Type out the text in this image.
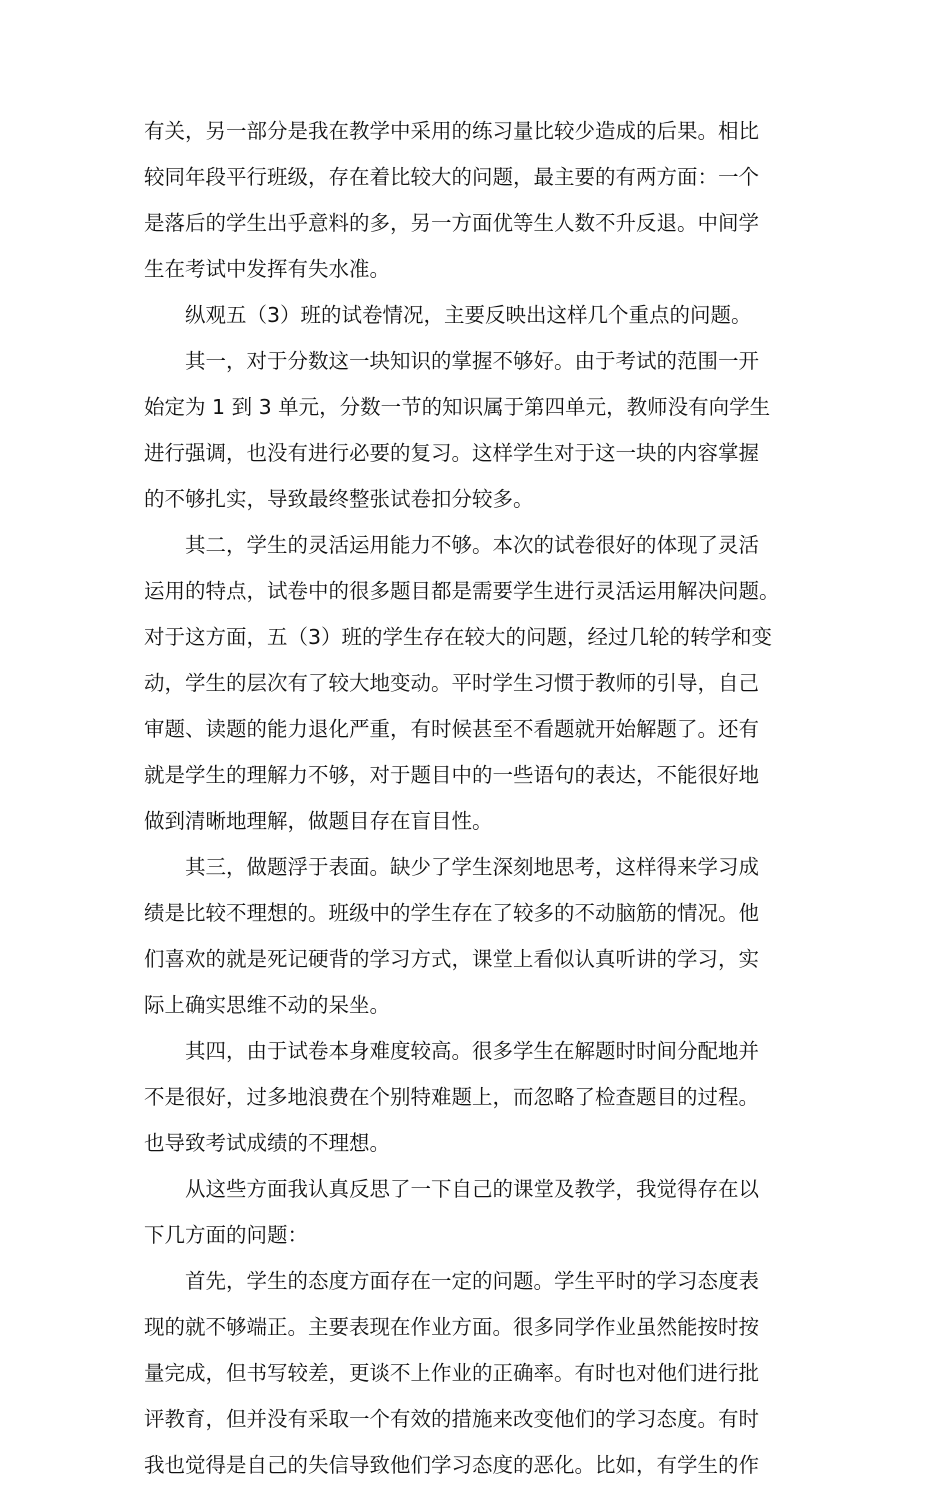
有关，另一部分是我在教学中采用的练习量比较少造成的后果。相比
较同年段平行班级，存在着比较大的问题，最主要的有两方面：一个
是落后的学生出乎意料的多，另一方面优等生人数不升反退。中间学
生在考试中发挥有失水准。
纵观五（3）班的试卷情况，主要反映出这样几个重点的问题。
其一，对于分数这一块知识的掌握不够好。由于考试的范围一开
始定为 1 到 3 单元，分数一节的知识属于第四单元，教师没有向学生
进行强调，也没有进行必要的复习。这样学生对于这一块的内容掌握
的不够扎实，导致最终整张试卷扣分较多。
其二，学生的灵活运用能力不够。本次的试卷很好的体现了灵活
运用的特点，试卷中的很多题目都是需要学生进行灵活运用解决问题。
对于这方面，五（3）班的学生存在较大的问题，经过几轮的转学和变
动，学生的层次有了较大地变动。平时学生习惯于教师的引导，自己
审题、读题的能力退化严重，有时候甚至不看题就开始解题了。还有
就是学生的理解力不够，对于题目中的一些语句的表达，不能很好地
做到清晰地理解，做题目存在盲目性。
其三，做题浮于表面。缺少了学生深刻地思考，这样得来学习成
绩是比较不理想的。班级中的学生存在了较多的不动脑筋的情况。他
们喜欢的就是死记硬背的学习方式，课堂上看似认真听讲的学习，实
际上确实思维不动的呆坐。
其四，由于试卷本身难度较高。很多学生在解题时时间分配地并
不是很好，过多地浪费在个别特难题上，而忽略了检查题目的过程。
也导致考试成绩的不理想。
从这些方面我认真反思了一下自己的课堂及教学，我觉得存在以
下几方面的问题：
首先，学生的态度方面存在一定的问题。学生平时的学习态度表
现的就不够端正。主要表现在作业方面。很多同学作业虽然能按时按
量完成，但书写较差，更谈不上作业的正确率。有时也对他们进行批
评教育，但并没有采取一个有效的措施来改变他们的学习态度。有时
我也觉得是自己的失信导致他们学习态度的恶化。比如，有学生的作
